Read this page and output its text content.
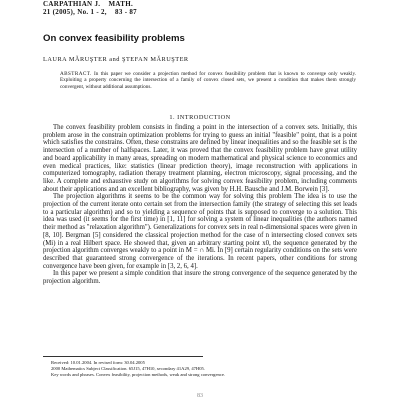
CARPATHIAN J.    MATH.
21 (2005), No. 1 - 2,    83 - 87
On convex feasibility problems
LAURA MĂRUŞTER and ŞTEFAN MĂRUŞTER
ABSTRACT. In this paper we consider a projection method for convex feasibility problem that is known to converge only weakly. Exploiting a property concerning the intersection of a family of convex closed sets, we present a condition that makes them strongly convergent, without additional assumptions.
1. INTRODUCTION

The convex feasibility problem consists in finding a point in the intersection of a convex sets. Initially, this problem arose in the constrain optimization problems for trying to guess an initial "feasible" point, that is a point which satisfies the constrains. Often, these constrains are defined by linear inequalities and so the feasible set is the intersection of a number of halfspaces. Later, it was proved that the convex feasibility problem have great utility and board applicability in many areas, spreading on modern mathematical and physical science to economics and even medical practices, like: statistics (linear prediction theory), image reconstruction with applications in computerized tomography, radiation therapy treatment planning, electron microscopy, signal processing, and the like. A complete and exhaustive study on algorithms for solving convex feasibility problem, including comments about their applications and an excellent bibliography, was given by H.H. Bausche and J.M. Borwein [3].

The projection algorithms it seems to be the common way for solving this problem The idea is to use the projection of the current iterate onto certain set from the intersection family (the strategy of selecting this set leads to a particular algorithm) and so to yielding a sequence of points that is supposed to converge to a solution. This idea was used (it seems for the first time) in [1, 11] for solving a system of linear inequalities (the authors named their method as "relaxation algorithm"). Generalizations for convex sets in real n-dimensional spaces were given in [8, 10]. Bergman [5] considered the classical projection method for the case of n intersecting closed convex sets (Mi) in a real Hilbert space. He showed that, given an arbitrary starting point x0, the sequence generated by the projection algorithm converges weakly to a point in M = ∩ Mi. In [9] certain regularity conditions on the sets were described that guaranteed strong convergence of the iterations. In recent papers, other conditions for strong convergence have been given, for example in [3, 2, 6, 4].

In this paper we present a simple condition that insure the strong convergence of the sequence generated by the projection algorithm.

Received: 10.01.2004. In revised form: 30.04.2005
2000 Mathematics Subject Classification. 65J15, 47H10, secondary 41A29, 47H05.
Key words and phrases. Convex feasibility, projection methods, weak and strong convergence.
83
